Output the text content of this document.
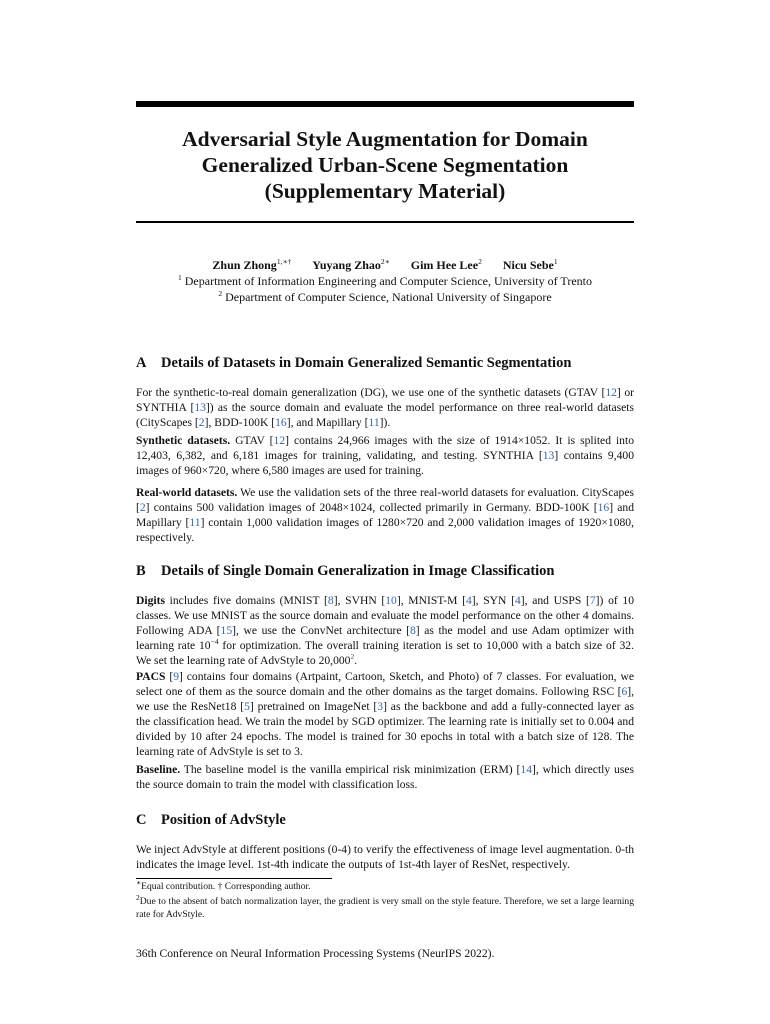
Adversarial Style Augmentation for Domain
Generalized Urban-Scene Segmentation
(Supplementary Material)
Zhun Zhong$^{1,∗\dagger}$ Yuyang Zhao$^{2∗}$ Gim Hee Lee$^2$ Nicu Sebe$^1$
$^1$ Department of Information Engineering and Computer Science, University of Trento
$^2$ Department of Computer Science, National University of Singapore
A Details of Datasets in Domain Generalized Semantic Segmentation

For the synthetic-to-real domain generalization (DG), we use one of the synthetic datasets (GTAV [12] or SYNTHIA [13]) as the source domain and evaluate the model performance on three real-world datasets (CityScapes [2], BDD-100K [16], and Mapillary [11]).

Synthetic datasets. GTAV [12] contains 24,966 images with the size of 1914×1052. It is splited into 12,403, 6,382, and 6,181 images for training, validating, and testing. SYNTHIA [13] contains 9,400 images of 960×720, where 6,580 images are used for training.

Real-world datasets. We use the validation sets of the three real-world datasets for evaluation. CityScapes [2] contains 500 validation images of 2048×1024, collected primarily in Germany. BDD-100K [16] and Mapillary [11] contain 1,000 validation images of 1280×720 and 2,000 validation images of 1920×1080, respectively.

B Details of Single Domain Generalization in Image Classification

Digits includes five domains (MNIST [8], SVHN [10], MNIST-M [4], SYN [4], and USPS [7]) of 10 classes. We use MNIST as the source domain and evaluate the model performance on the other 4 domains. Following ADA [15], we use the ConvNet architecture [8] as the model and use Adam optimizer with learning rate $10^{-4}$ for optimization. The overall training iteration is set to 10,000 with a batch size of 32. We set the learning rate of AdvStyle to 20,000$^2$.

PACS [9] contains four domains (Artpaint, Cartoon, Sketch, and Photo) of 7 classes. For evaluation, we select one of them as the source domain and the other domains as the target domains. Following RSC [6], we use the ResNet18 [5] pretrained on ImageNet [3] as the backbone and add a fully-connected layer as the classification head. We train the model by SGD optimizer. The learning rate is initially set to 0.004 and divided by 10 after 24 epochs. The model is trained for 30 epochs in total with a batch size of 128. The learning rate of AdvStyle is set to 3.

Baseline. The baseline model is the vanilla empirical risk minimization (ERM) [14], which directly uses the source domain to train the model with classification loss.

C Position of AdvStyle

We inject AdvStyle at different positions (0-4) to verify the effectiveness of image level augmentation. 0-th indicates the image level. 1st-4th indicate the outputs of 1st-4th layer of ResNet, respectively.

∗Equal contribution. † Corresponding author.

$^2$Due to the absent of batch normalization layer, the gradient is very small on the style feature. Therefore, we set a large learning rate for AdvStyle.

36th Conference on Neural Information Processing Systems (NeurIPS 2022).
